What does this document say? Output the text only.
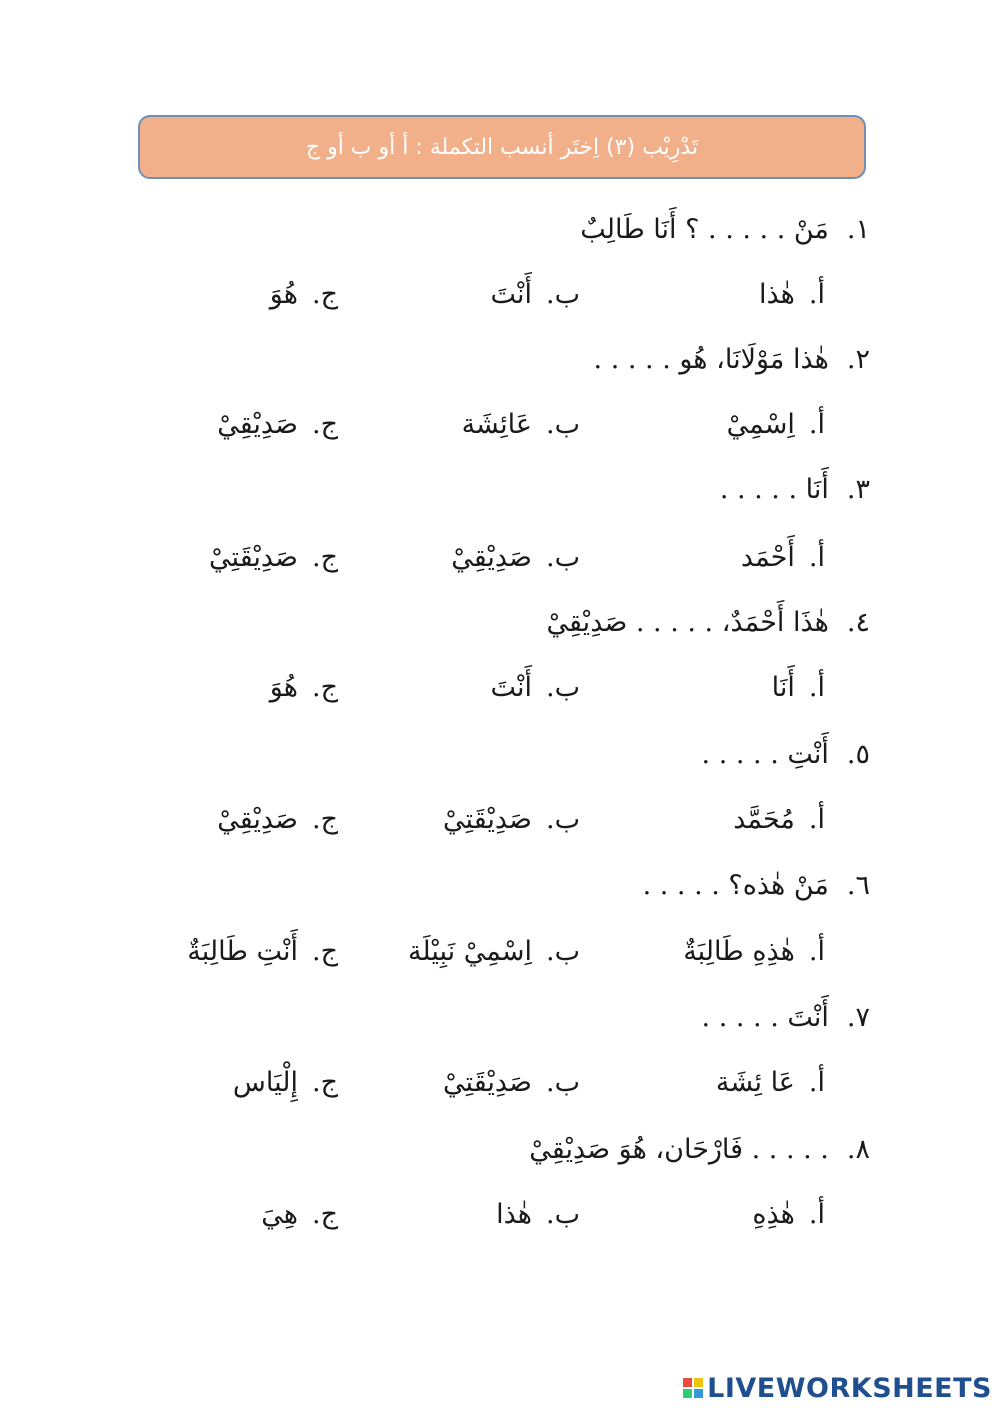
تَدْرِيْب (٣) اِختَر أنسب التكملة : أ أو ب أو ج
١.مَنْ . . . . . ؟ أَنَا طَالِبٌ
أ.هٰذا
ب.أَنْتَ
ج.هُوَ
٢.هٰذا مَوْلَانَا، هُو . . . . .
أ.اِسْمِيْ
ب.عَائِشَة
ج.صَدِيْقِيْ
٣.أَنَا . . . . .
أ.أَحْمَد
ب.صَدِيْقِيْ
ج.صَدِيْقَتِيْ
٤.هٰذَا أَحْمَدٌ، . . . . . صَدِيْقِيْ
أ.أَنَا
ب.أَنْتَ
ج.هُوَ
٥.أَنْتِ . . . . .
أ.مُحَمَّد
ب.صَدِيْقَتِيْ
ج.صَدِيْقِيْ
٦.مَنْ هٰذه؟ . . . . .
أ.هٰذِهِ طَالِبَةٌ
ب.اِسْمِيْ نَبِيْلَة
ج.أَنْتِ طَالِبَةٌ
٧.أَنْتَ . . . . .
أ.عَا ئِشَة
ب.صَدِيْقَتِيْ
ج.إِلْيَاس
٨.. . . . . فَارْحَان، هُوَ صَدِيْقِيْ
أ.هٰذِهِ
ب.هٰذا
ج.هِيَ
LIVEWORKSHEETS
